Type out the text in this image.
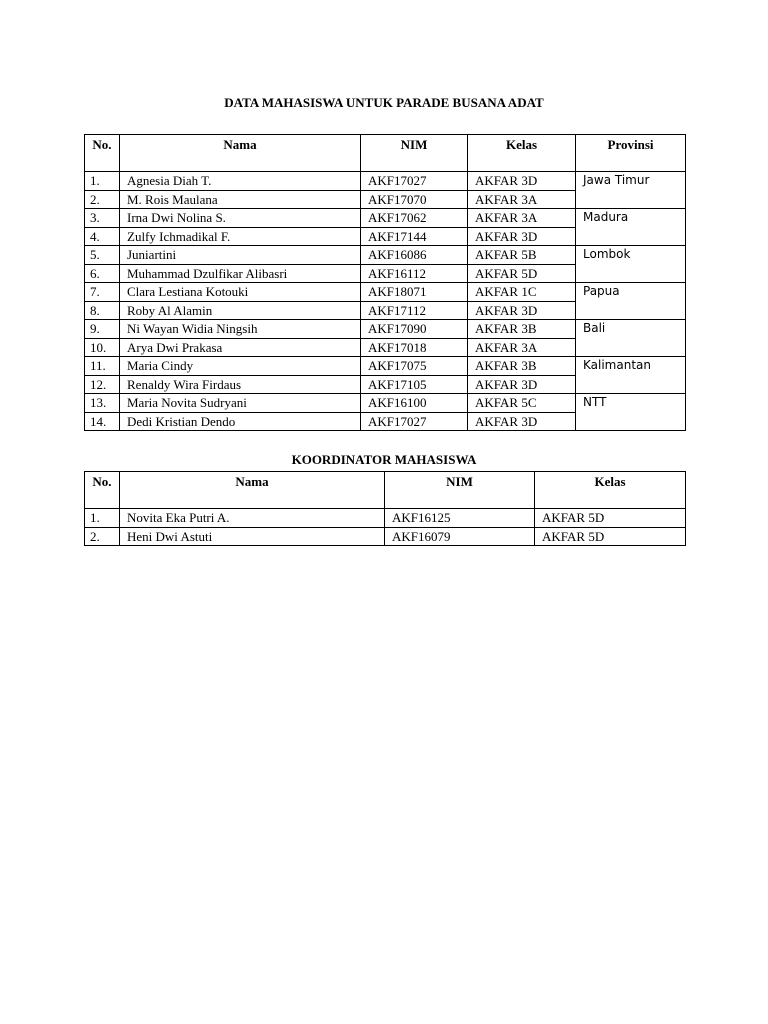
DATA MAHASISWA UNTUK PARADE BUSANA ADAT
No.	Nama	NIM	Kelas	Provinsi
1.	Agnesia Diah T.	AKF17027	AKFAR 3D	Jawa Timur
2.	M. Rois Maulana	AKF17070	AKFAR 3A	
3.	Irna Dwi Nolina S.	AKF17062	AKFAR 3A	Madura
4.	Zulfy Ichmadikal F.	AKF17144	AKFAR 3D	
5.	Juniartini	AKF16086	AKFAR 5B	Lombok
6.	Muhammad Dzulfikar Alibasri	AKF16112	AKFAR 5D	
7.	Clara Lestiana Kotouki	AKF18071	AKFAR 1C	Papua
8.	Roby Al Alamin	AKF17112	AKFAR 3D	
9.	Ni Wayan Widia Ningsih	AKF17090	AKFAR 3B	Bali
10.	Arya Dwi Prakasa	AKF17018	AKFAR 3A	
11.	Maria Cindy	AKF17075	AKFAR 3B	Kalimantan
12.	Renaldy Wira Firdaus	AKF17105	AKFAR 3D	
13.	Maria Novita Sudryani	AKF16100	AKFAR 5C	NTT
14.	Dedi Kristian Dendo	AKF17027	AKFAR 3D	
KOORDINATOR MAHASISWA
No.	Nama	NIM	Kelas
1.	Novita Eka Putri A.	AKF16125	AKFAR 5D
2.	Heni Dwi Astuti	AKF16079	AKFAR 5D
